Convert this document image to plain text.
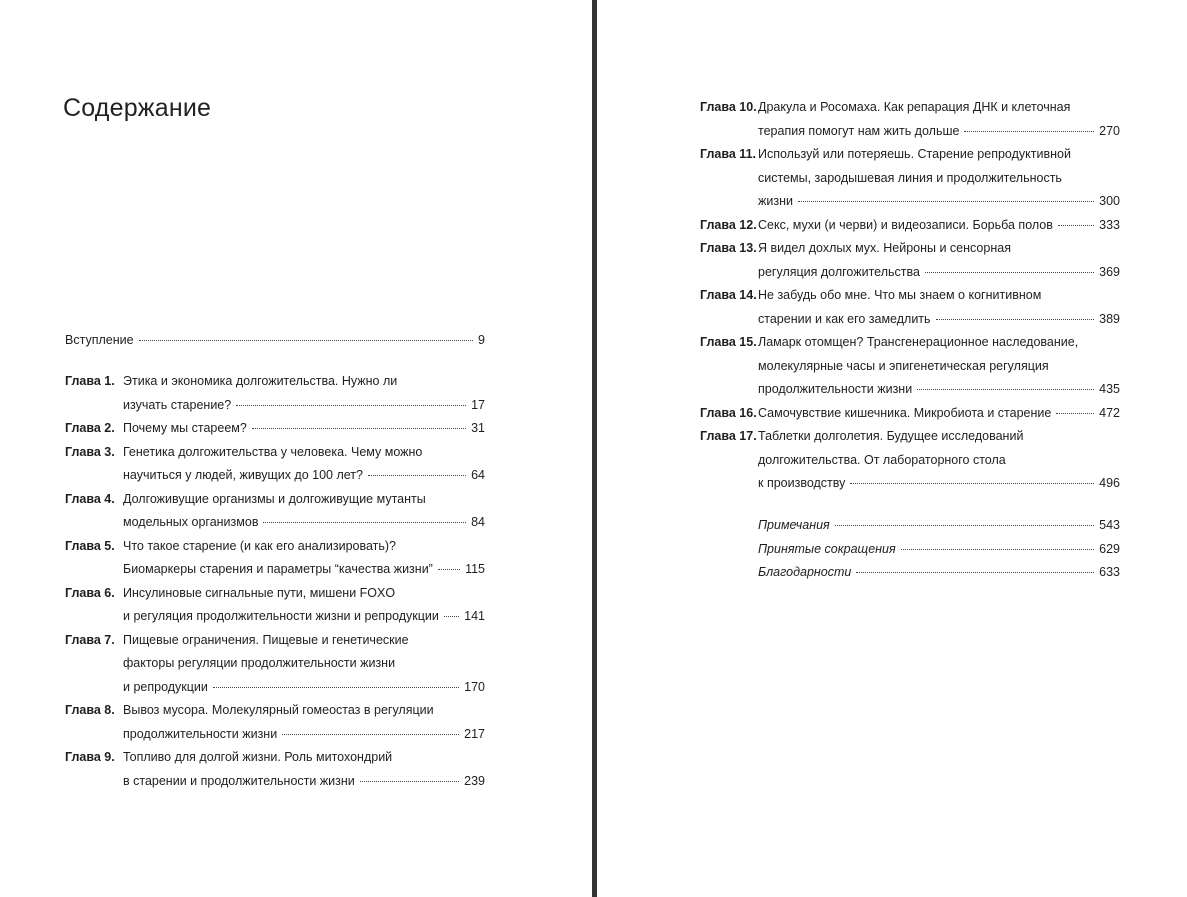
Содержание
Вступление	9
Глава 1. Этика и экономика долгожительства. Нужно ли
изучать старение?	17
Глава 2. Почему мы стареем?	31
Глава 3. Генетика долгожительства у человека. Чему можно
научиться у людей, живущих до 100 лет?	64
Глава 4. Долгоживущие организмы и долгоживущие мутанты
модельных организмов	84
Глава 5. Что такое старение (и как его анализировать)?
Биомаркеры старения и параметры “качества жизни”	115
Глава 6. Инсулиновые сигнальные пути, мишени FOXO
и регуляция продолжительности жизни и репродукции 141
Глава 7. Пищевые ограничения. Пищевые и генетические
факторы регуляции продолжительности жизни
и репродукции	170
Глава 8. Вывоз мусора. Молекулярный гомеостаз в регуляции
продолжительности жизни	217
Глава 9. Топливо для долгой жизни. Роль митохондрий
в старении и продолжительности жизни	239
Глава 10. Дракула и Росомаха. Как репарация ДНК и клеточная
терапия помогут нам жить дольше	270
Глава 11. Используй или потеряешь. Старение репродуктивной
системы, зародышевая линия и продолжительность
жизни	300
Глава 12. Секс, мухи (и черви) и видеозаписи. Борьба полов	333
Глава 13. Я видел дохлых мух. Нейроны и сенсорная
регуляция долгожительства	369
Глава 14. Не забудь обо мне. Что мы знаем о когнитивном
старении и как его замедлить	389
Глава 15. Ламарк отомщен? Трансгенерационное наследование,
молекулярные часы и эпигенетическая регуляция
продолжительности жизни	435
Глава 16. Самочувствие кишечника. Микробиота и старение	472
Глава 17. Таблетки долголетия. Будущее исследований
долгожительства. От лабораторного стола
к производству	496
Примечания	543
Принятые сокращения	629
Благодарности	633
